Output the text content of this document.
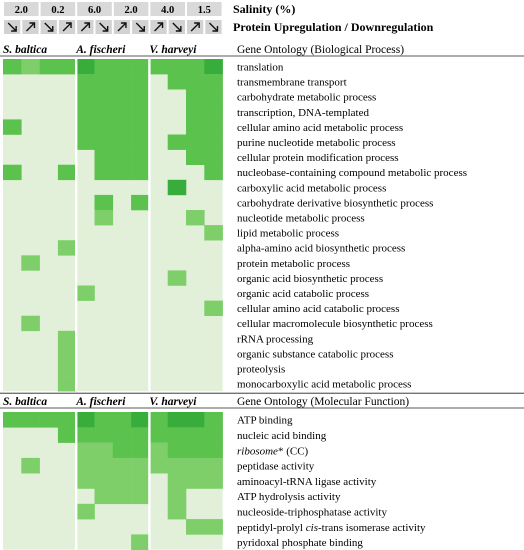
2.0 0.2 6.0 2.0 4.0 1.5 Salinity (%)
Protein Upregulation / Downregulation
S. baltica	A. fischeri V. harveyi	Gene Ontology (Biological Process)
translation
transmembrane transport
carbohydrate metabolic process
transcription, DNA-templated
cellular amino acid metabolic process
purine nucleotide metabolic process
cellular protein modification process
nucleobase-containing compound metabolic process
carboxylic acid metabolic process
carbohydrate derivative biosynthetic process
nucleotide metabolic process
lipid metabolic process
alpha-amino acid biosynthetic process
protein metabolic process
organic acid biosynthetic process
organic acid catabolic process
cellular amino acid catabolic process
cellular macromolecule biosynthetic process
rRNA processing
organic substance catabolic process
proteolysis
monocarboxylic acid metabolic process
S. baltica	A. fischeri V. harveyi	Gene Ontology (Molecular Function)
ATP binding
nucleic acid binding
ribosome* (CC)
peptidase activity
aminoacyl-tRNA ligase activity
ATP hydrolysis activity
nucleoside-triphosphatase activity
peptidyl-prolyl cis-trans isomerase activity
pyridoxal phosphate binding
